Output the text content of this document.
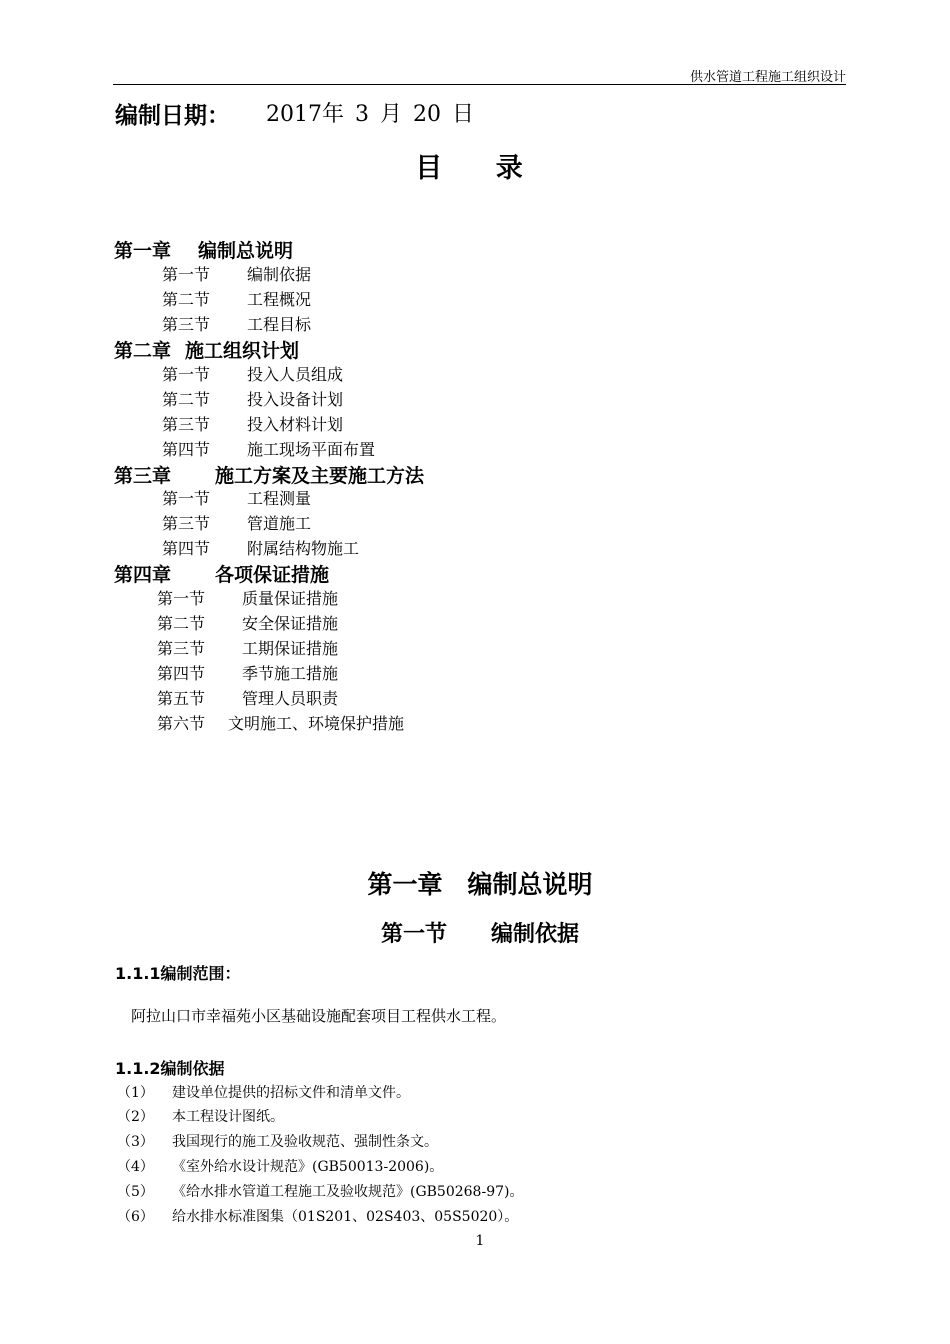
供水管道工程施工组织设计
编制日期： 2017年 3 月 20 日
目 录
第一章 编制总说明
第一节 编制依据
第二节 工程概况
第三节 工程目标
第二章 施工组织计划
第一节 投入人员组成
第二节 投入设备计划
第三节 投入材料计划
第四节 施工现场平面布置
第三章 施工方案及主要施工方法
第一节 工程测量
第三节 管道施工
第四节 附属结构物施工
第四章 各项保证措施
第一节 质量保证措施
第二节 安全保证措施
第三节 工期保证措施
第四节 季节施工措施
第五节 管理人员职责
第六节 文明施工、环境保护措施
第一章　编制总说明
第一节　　编制依据
1.1.1编制范围：
阿拉山口市幸福苑小区基础设施配套项目工程供水工程。
1.1.2编制依据
（1） 建设单位提供的招标文件和清单文件。
（2） 本工程设计图纸。
（3） 我国现行的施工及验收规范、强制性条文。
（4） 《室外给水设计规范》(GB50013-2006)。
（5） 《给水排水管道工程施工及验收规范》(GB50268-97)。
（6） 给水排水标准图集（01S201、02S403、05S5020）。
1
